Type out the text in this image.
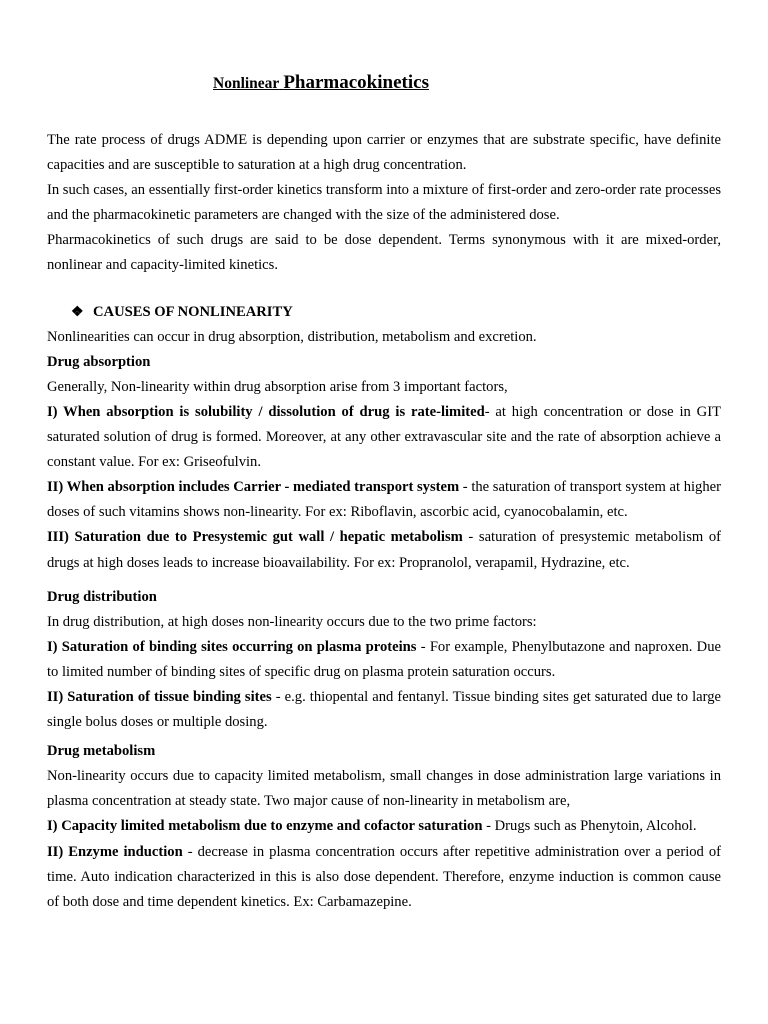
Nonlinear Pharmacokinetics

The rate process of drugs ADME is depending upon carrier or enzymes that are substrate specific, have definite capacities and are susceptible to saturation at a high drug concentration.

In such cases, an essentially first-order kinetics transform into a mixture of first-order and zero-order rate processes and the pharmacokinetic parameters are changed with the size of the administered dose.

Pharmacokinetics of such drugs are said to be dose dependent. Terms synonymous with it are mixed-order, nonlinear and capacity-limited kinetics.

❖ CAUSES OF NONLINEARITY

Nonlinearities can occur in drug absorption, distribution, metabolism and excretion.

Drug absorption

Generally, Non-linearity within drug absorption arise from 3 important factors,

I) When absorption is solubility / dissolution of drug is rate-limited- at high concentration or dose in GIT saturated solution of drug is formed. Moreover, at any other extravascular site and the rate of absorption achieve a constant value. For ex: Griseofulvin.

II) When absorption includes Carrier - mediated transport system - the saturation of transport system at higher doses of such vitamins shows non-linearity. For ex: Riboflavin, ascorbic acid, cyanocobalamin, etc.

III) Saturation due to Presystemic gut wall / hepatic metabolism - saturation of presystemic metabolism of drugs at high doses leads to increase bioavailability. For ex: Propranolol, verapamil, Hydrazine, etc.

Drug distribution

In drug distribution, at high doses non-linearity occurs due to the two prime factors:

I) Saturation of binding sites occurring on plasma proteins - For example, Phenylbutazone and naproxen. Due to limited number of binding sites of specific drug on plasma protein saturation occurs.

II) Saturation of tissue binding sites - e.g. thiopental and fentanyl. Tissue binding sites get saturated due to large single bolus doses or multiple dosing.

Drug metabolism

Non-linearity occurs due to capacity limited metabolism, small changes in dose administration large variations in plasma concentration at steady state. Two major cause of non-linearity in metabolism are,

I) Capacity limited metabolism due to enzyme and cofactor saturation - Drugs such as Phenytoin, Alcohol.

II) Enzyme induction - decrease in plasma concentration occurs after repetitive administration over a period of time. Auto indication characterized in this is also dose dependent. Therefore, enzyme induction is common cause of both dose and time dependent kinetics. Ex: Carbamazepine.
